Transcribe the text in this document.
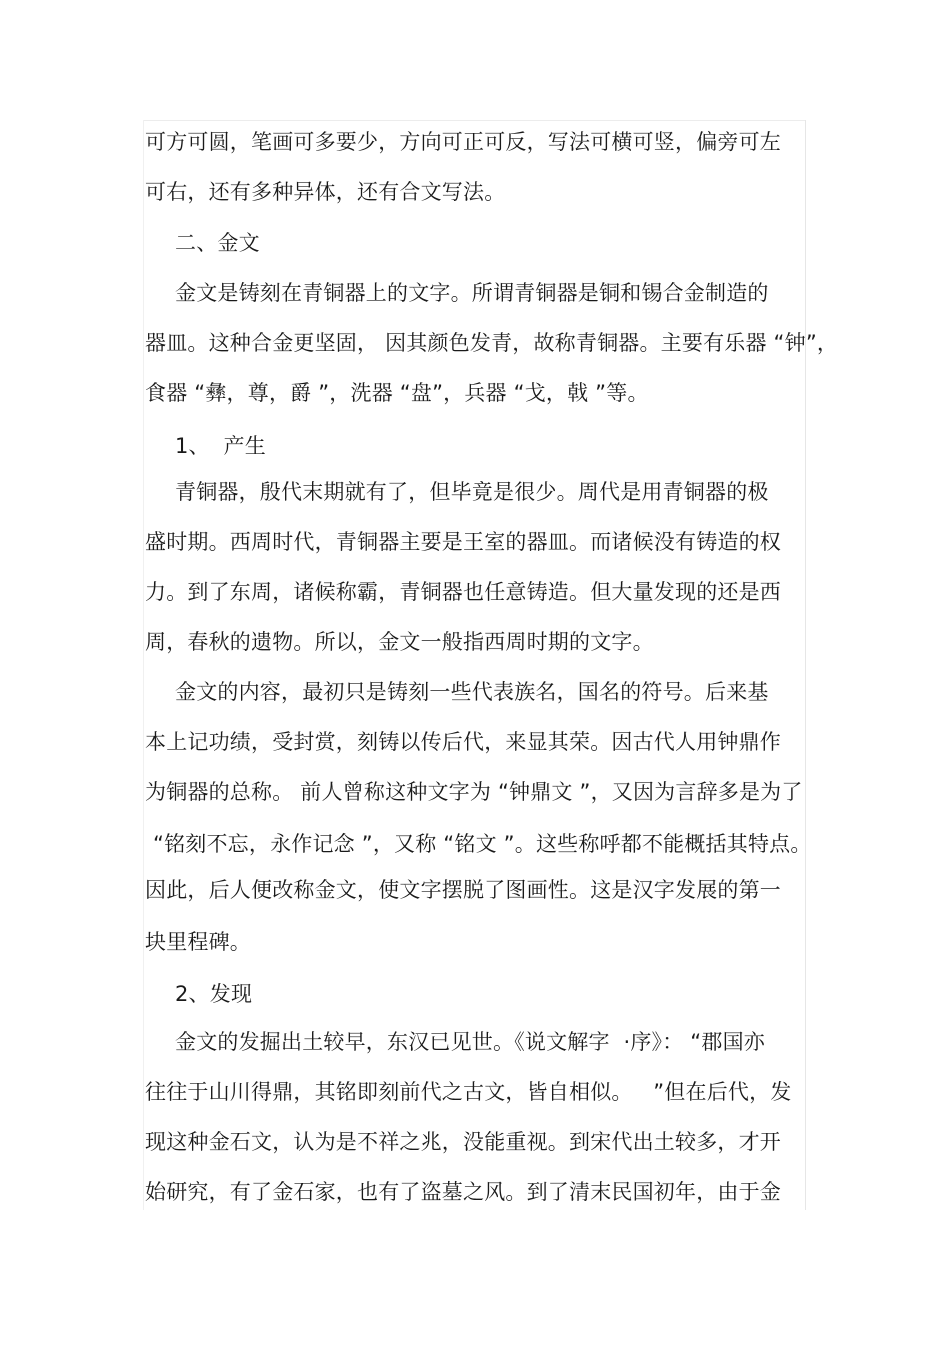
可方可圆，笔画可多要少，方向可正可反，写法可横可竖，偏旁可左
可右，还有多种异体，还有合文写法。
二、金文
金文是铸刻在青铜器上的文字。所谓青铜器是铜和锡合金制造的
器皿。这种合金更坚固， 因其颜色发青，故称青铜器。主要有乐器 “钟”，
食器 “彝，尊，爵 ”，洗器 “盘”，兵器 “戈，戟 ”等。
1、  产生
青铜器，殷代末期就有了，但毕竟是很少。周代是用青铜器的极
盛时期。西周时代，青铜器主要是王室的器皿。而诸候没有铸造的权
力。到了东周，诸候称霸，青铜器也任意铸造。但大量发现的还是西
周，春秋的遗物。所以，金文一般指西周时期的文字。
金文的内容，最初只是铸刻一些代表族名，国名的符号。后来基
本上记功绩，受封赏，刻铸以传后代，来显其荣。因古代人用钟鼎作
为铜器的总称。 前人曾称这种文字为 “钟鼎文 ”，又因为言辞多是为了
“铭刻不忘，永作记念 ”，又称 “铭文 ”。这些称呼都不能概括其特点。
因此，后人便改称金文，使文字摆脱了图画性。这是汉字发展的第一
块里程碑。
2、发现
金文的发掘出土较早，东汉已见世。《说文解字  ·序》： “郡国亦
往往于山川得鼎，其铭即刻前代之古文，皆自相似。   ”但在后代，发
现这种金石文，认为是不祥之兆，没能重视。到宋代出土较多，才开
始研究，有了金石家，也有了盗墓之风。到了清末民国初年，由于金
